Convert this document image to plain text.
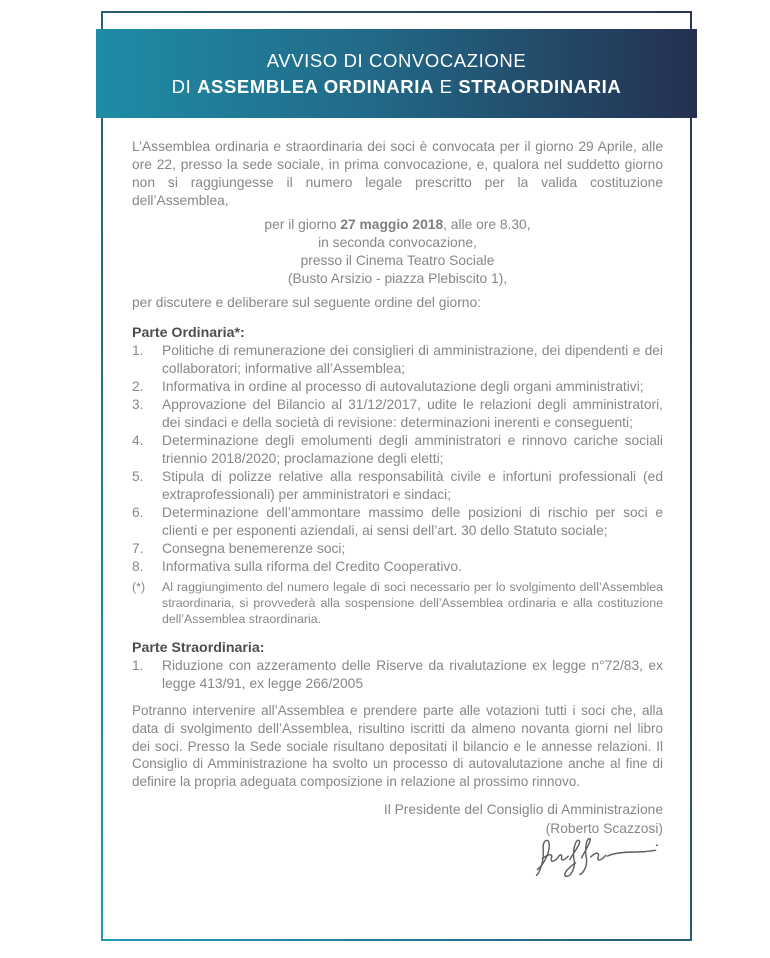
AVVISO DI CONVOCAZIONE
DI ASSEMBLEA ORDINARIA E STRAORDINARIA

L’Assemblea ordinaria e straordinaria dei soci è convocata per il giorno 29 Aprile, alle ore 22, presso la sede sociale, in prima convocazione, e, qualora nel suddetto giorno non si raggiungesse il numero legale prescritto per la valida costituzione dell’Assemblea,

per il giorno 27 maggio 2018, alle ore 8.30,

in seconda convocazione,

presso il Cinema Teatro Sociale

(Busto Arsizio - piazza Plebiscito 1),

per discutere e deliberare sul seguente ordine del giorno:

Parte Ordinaria*:
1.	Politiche di remunerazione dei consiglieri di amministrazione, dei dipendenti e dei collaboratori; informative all’Assemblea;
2.	Informativa in ordine al processo di autovalutazione degli organi amministrativi;
3.	Approvazione del Bilancio al 31/12/2017, udite le relazioni degli amministratori, dei sindaci e della società di revisione: determinazioni inerenti e conseguenti;
4.	Determinazione degli emolumenti degli amministratori e rinnovo cariche sociali triennio 2018/2020; proclamazione degli eletti;
5.	Stipula di polizze relative alla responsabilità civile e infortuni professionali (ed extraprofessionali) per amministratori e sindaci;
6.	Determinazione dell’ammontare massimo delle posizioni di rischio per soci e clienti e per esponenti aziendali, ai sensi dell’art. 30 dello Statuto sociale;
7.	Consegna benemerenze soci;
8.	Informativa sulla riforma del Credito Cooperativo.
(*)	Al raggiungimento del numero legale di soci necessario per lo svolgimento dell’Assemblea straordinaria, si provvederà alla sospensione dell’Assemblea ordinaria e alla costituzione dell’Assemblea straordinaria.
Parte Straordinaria:
1.	Riduzione con azzeramento delle Riserve da rivalutazione ex legge n°72/83, ex legge 413/91, ex legge 266/2005

Potranno intervenire all’Assemblea e prendere parte alle votazioni tutti i soci che, alla data di svolgimento dell’Assemblea, risultino iscritti da almeno novanta giorni nel libro dei soci. Presso la Sede sociale risultano depositati il bilancio e le annesse relazioni. Il Consiglio di Amministrazione ha svolto un processo di autovalutazione anche al fine di definire la propria adeguata composizione in relazione al prossimo rinnovo.

Il Presidente del Consiglio di Amministrazione
(Roberto Scazzosi)
